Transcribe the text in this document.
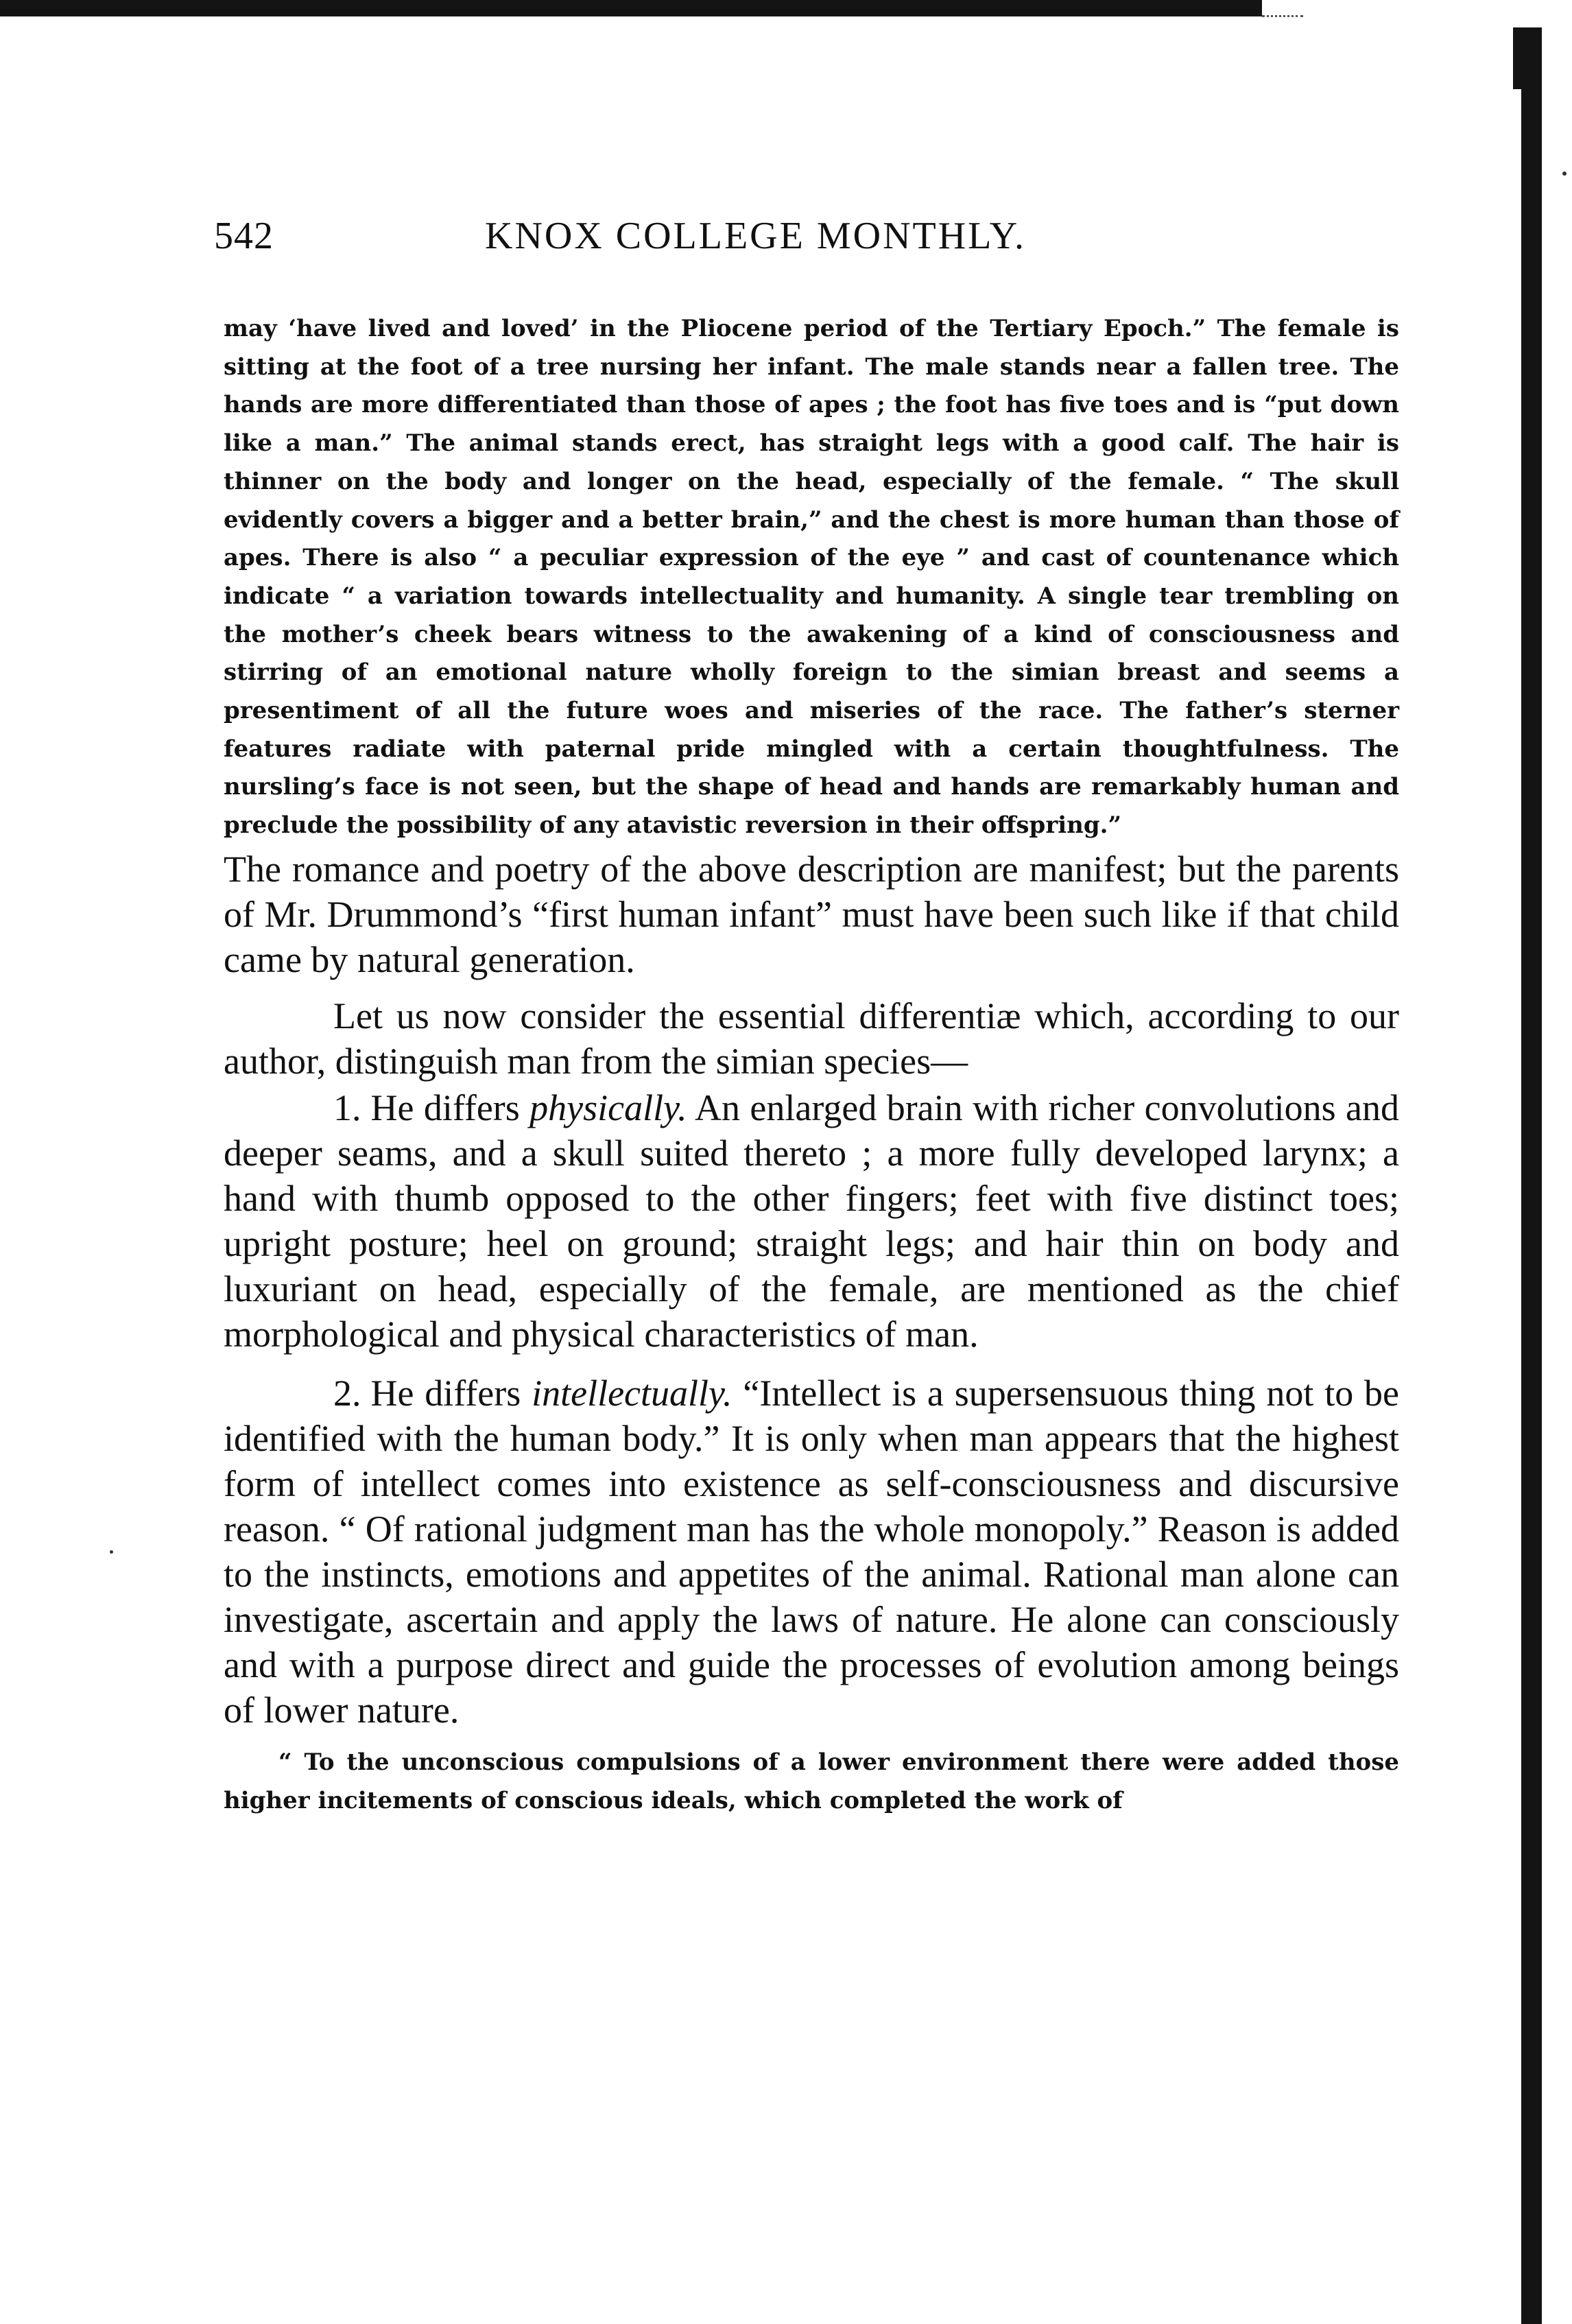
542	KNOX COLLEGE MONTHLY.

may ‘have lived and loved’ in the Pliocene period of the Tertiary Epoch.” The female is sitting at the foot of a tree nursing her infant. The male stands near a fallen tree. The hands are more differentiated than those of apes ; the foot has five toes and is “put down like a man.” The animal stands erect, has straight legs with a good calf. The hair is thinner on the body and longer on the head, especially of the female. “ The skull evidently covers a bigger and a better brain,” and the chest is more human than those of apes. There is also “ a peculiar expression of the eye ” and cast of countenance which indicate “ a variation towards intellectuality and humanity. A single tear trembling on the mother’s cheek bears witness to the awakening of a kind of consciousness and stirring of an emotional nature wholly foreign to the simian breast and seems a presentiment of all the future woes and miseries of the race. The father’s sterner features radiate with paternal pride mingled with a certain thoughtfulness. The nursling’s face is not seen, but the shape of head and hands are remarkably human and preclude the possibility of any atavistic reversion in their offspring.”

The romance and poetry of the above description are manifest; but the parents of Mr. Drummond’s “first human infant” must have been such like if that child came by natural generation.

Let us now consider the essential differentiæ which, according to our author, distinguish man from the simian species—

1. He differs physically. An enlarged brain with richer convolutions and deeper seams, and a skull suited thereto ; a more fully developed larynx; a hand with thumb opposed to the other fingers; feet with five distinct toes; upright posture; heel on ground; straight legs; and hair thin on body and luxuriant on head, especially of the female, are mentioned as the chief morphological and physical characteristics of man.

2. He differs intellectually. “Intellect is a supersensuous thing not to be identified with the human body.” It is only when man appears that the highest form of intellect comes into existence as self-consciousness and discursive reason. “ Of rational judgment man has the whole monopoly.” Reason is added to the instincts, emotions and appetites of the animal. Rational man alone can investigate, ascertain and apply the laws of nature. He alone can consciously and with a purpose direct and guide the processes of evolution among beings of lower nature.

“ To the unconscious compulsions of a lower environment there were added those higher incitements of conscious ideals, which completed the work of
